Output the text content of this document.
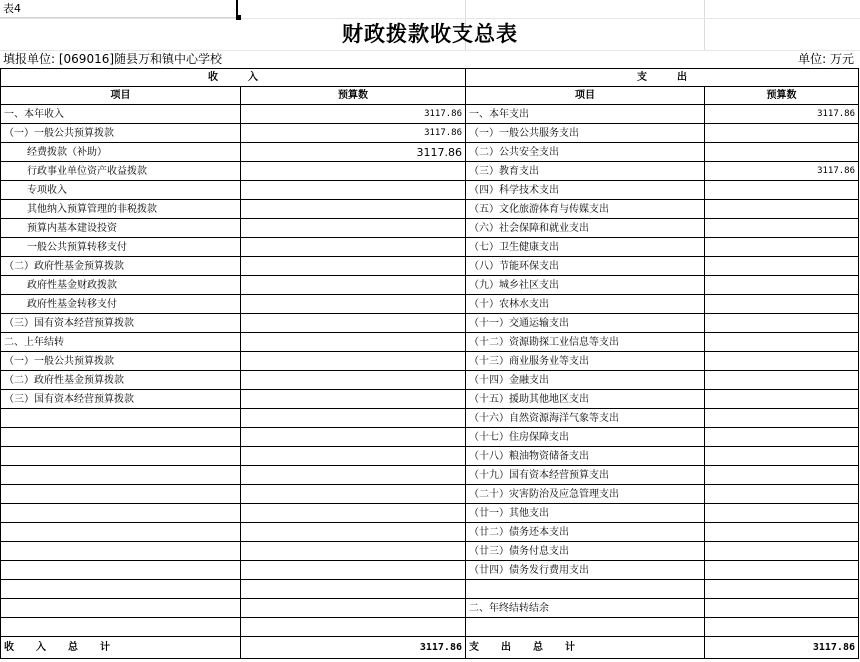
表4
财政拨款收支总表
填报单位: [069016]随县万和镇中心学校	单位: 万元
收　　　入		支　　　出	
项目	预算数	项目	预算数
一、本年收入	3117.86	一、本年支出	3117.86
（一）一般公共预算拨款	3117.86	（一）一般公共服务支出	
经费拨款（补助）	3117.86	（二）公共安全支出	
行政事业单位资产收益拨款		（三）教育支出	3117.86
专项收入		（四）科学技术支出	
其他纳入预算管理的非税拨款		（五）文化旅游体育与传媒支出	
预算内基本建设投资		（六）社会保障和就业支出	
一般公共预算转移支付		（七）卫生健康支出	
（二）政府性基金预算拨款		（八）节能环保支出	
政府性基金财政拨款		（九）城乡社区支出	
政府性基金转移支付		（十）农林水支出	
（三）国有资本经营预算拨款		（十一）交通运输支出	
二、上年结转		（十二）资源勘探工业信息等支出	
（一）一般公共预算拨款		（十三）商业服务业等支出	
（二）政府性基金预算拨款		（十四）金融支出	
（三）国有资本经营预算拨款		（十五）援助其他地区支出	
		（十六）自然资源海洋气象等支出	
		（十七）住房保障支出	
		（十八）粮油物资储备支出	
		（十九）国有资本经营预算支出	
		（二十）灾害防治及应急管理支出	
		（廿一）其他支出	
		（廿二）债务还本支出	
		（廿三）债务付息支出	
		（廿四）债务发行费用支出	

		二、年终结转结余	

收入总计	3117.86	支出总计	3117.86
